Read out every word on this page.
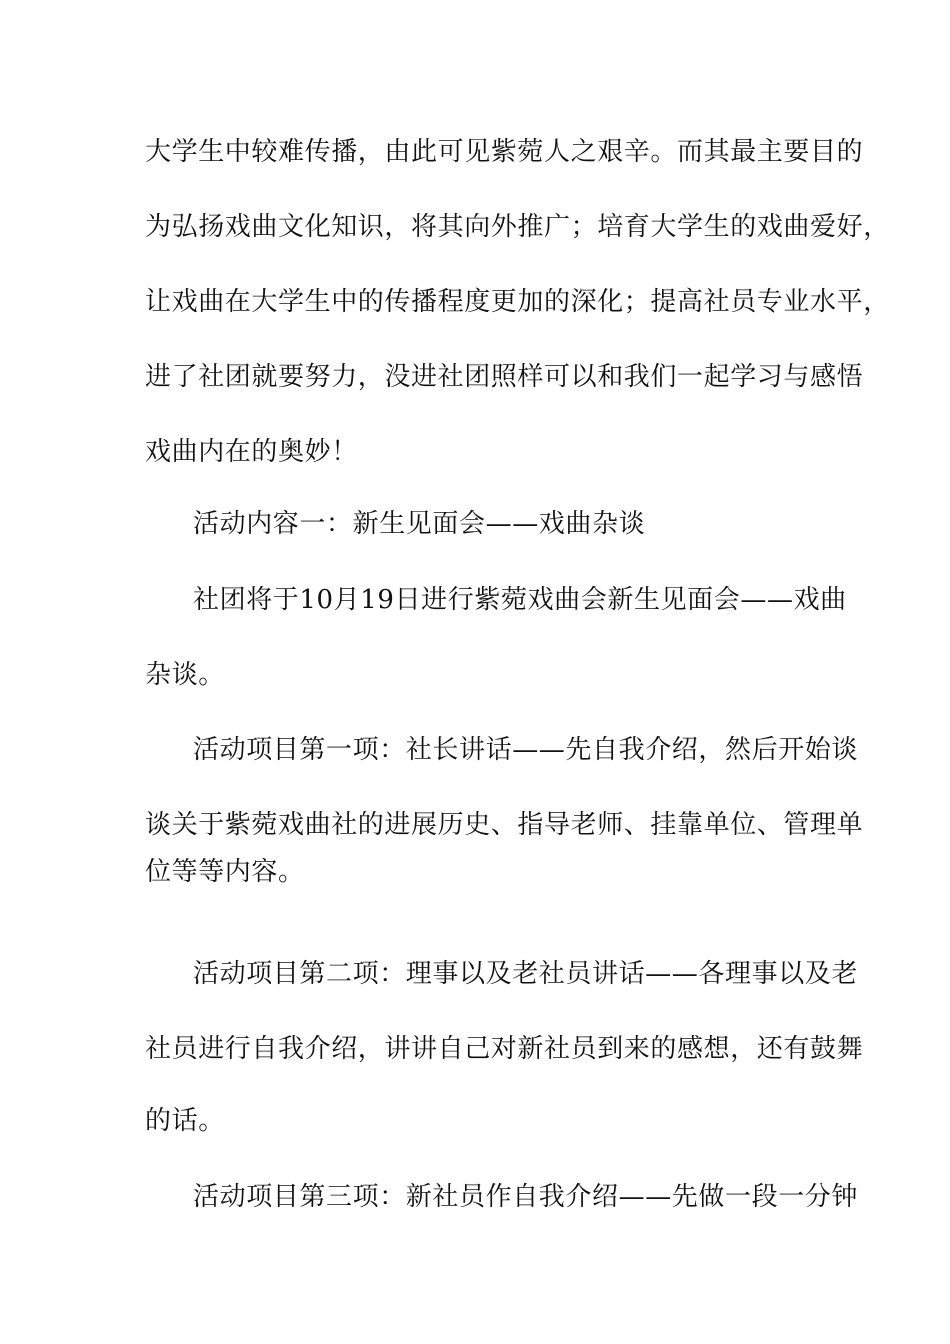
大学生中较难传播，由此可见紫菀人之艰辛。而其最主要目的
为弘扬戏曲文化知识，将其向外推广；培育大学生的戏曲爱好，
让戏曲在大学生中的传播程度更加的深化；提高社员专业水平，
进了社团就要努力，没进社团照样可以和我们一起学习与感悟
戏曲内在的奥妙！
活动内容一：新生见面会——戏曲杂谈
社团将于10月19日进行紫菀戏曲会新生见面会——戏曲
杂谈。
活动项目第一项：社长讲话——先自我介绍，然后开始谈
谈关于紫菀戏曲社的进展历史、指导老师、挂靠单位、管理单
位等等内容。
活动项目第二项：理事以及老社员讲话——各理事以及老
社员进行自我介绍，讲讲自己对新社员到来的感想，还有鼓舞
的话。
活动项目第三项：新社员作自我介绍——先做一段一分钟
